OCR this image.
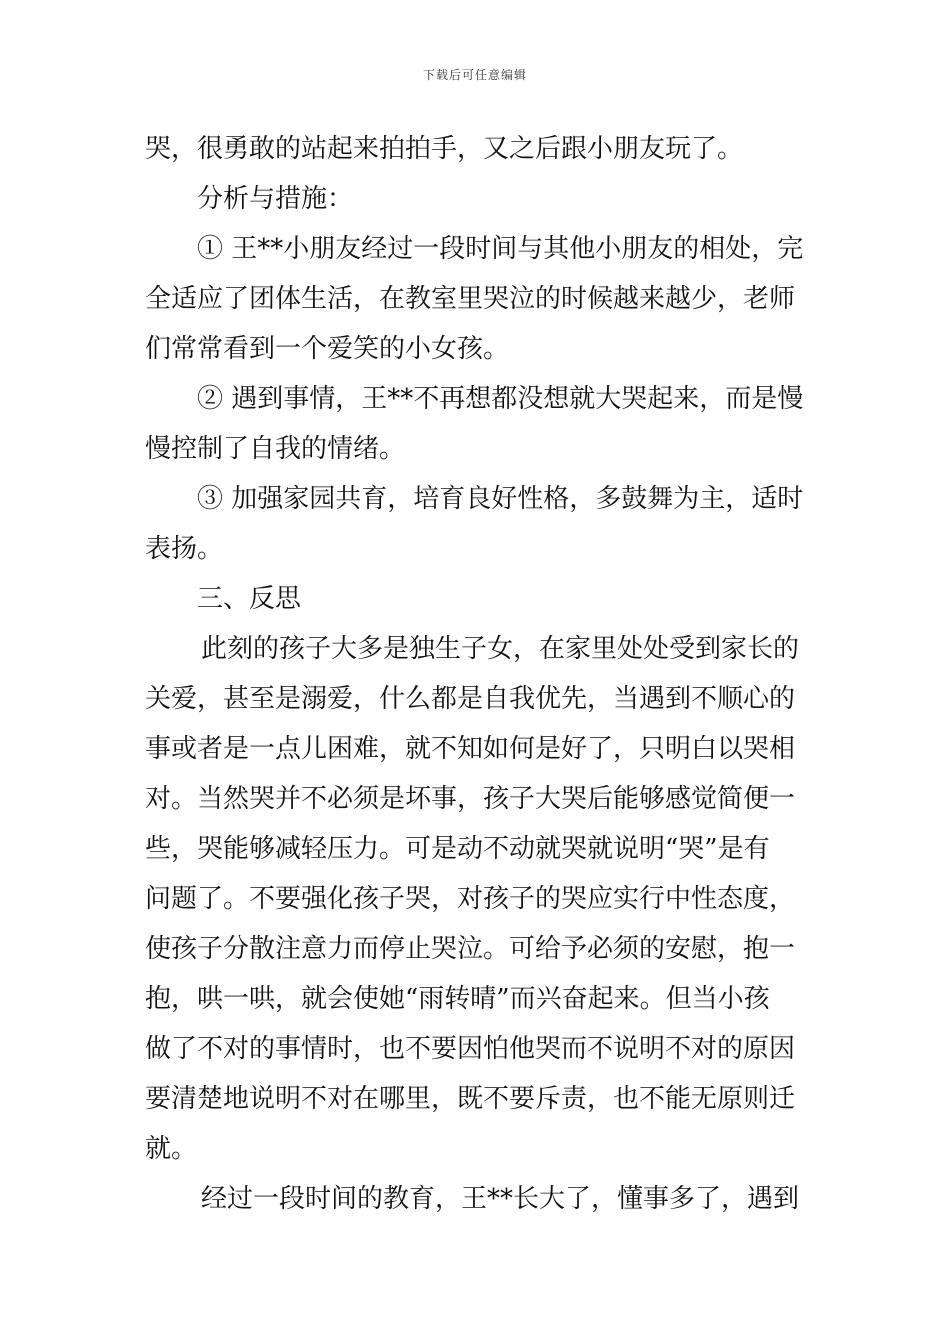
下载后可任意编辑
哭，很勇敢的站起来拍拍手，又之后跟小朋友玩了。
分析与措施：
① 王**小朋友经过一段时间与其他小朋友的相处，完
全适应了团体生活，在教室里哭泣的时候越来越少，老师
们常常看到一个爱笑的小女孩。
② 遇到事情，王**不再想都没想就大哭起来，而是慢
慢控制了自我的情绪。
③ 加强家园共育，培育良好性格，多鼓舞为主，适时
表扬。
三、反思
此刻的孩子大多是独生子女，在家里处处受到家长的
关爱，甚至是溺爱，什么都是自我优先，当遇到不顺心的
事或者是一点儿困难，就不知如何是好了，只明白以哭相
对。当然哭并不必须是坏事，孩子大哭后能够感觉简便一
些，哭能够减轻压力。可是动不动就哭就说明“哭”是有
问题了。不要强化孩子哭，对孩子的哭应实行中性态度，
使孩子分散注意力而停止哭泣。可给予必须的安慰，抱一
抱，哄一哄，就会使她“雨转晴”而兴奋起来。但当小孩
做了不对的事情时，也不要因怕他哭而不说明不对的原因
要清楚地说明不对在哪里，既不要斥责，也不能无原则迁
就。
经过一段时间的教育，王**长大了，懂事多了，遇到
